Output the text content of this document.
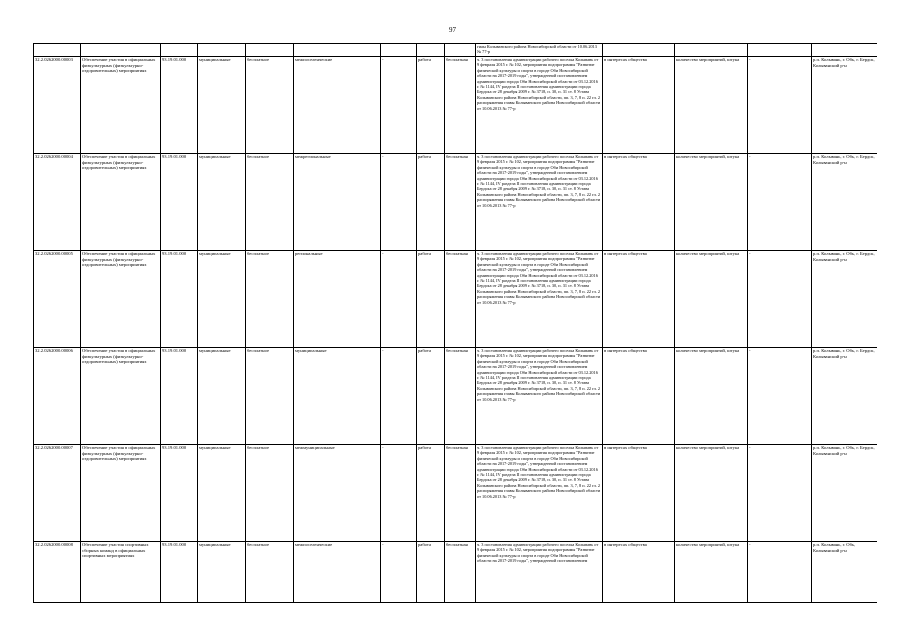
97
									гиаы Колыванского района Новосибирской области от 10.06.2013 № 77-р				
32.2.0262000.00003	Обеспечение участия в официальных физкультурных (физкультурно-оздоровительных) мероприятиях	93.19.01.000	муниципальные	бесплатное	межпоселенческие	-	работа	бесплатная	ч. 3 постановления администрации рабочего поселка Колывань от 9 февраля 2015 г. № 102, мероприятия подпрограммы "Развитие физической культуры и спорта в городе Оби Новосибирской области на 2017-2019 годы", утвержденной постановлением администрации города Оби Новосибирской области от 03.12.2016 г. № 1144, IV раздела II постановления администрации города Бердска от 28 декабря 2009 г. № 3718, п. 30, п. 31 ст. 8 Устава Колыванского района Новосибирской области, пп. 3, 7, 8 п. 22 гл. 2 распоряжения главы Колыванского района Новосибирской области от 10.06.2013 № 77-р	в интересах общества	количество мероприятий, штука	-	р.п. Колывань, г. Обь, г. Бердск, Колыванский р-н
32.2.0262000.00004	Обеспечение участия в официальных физкультурных (физкультурно-оздоровительных) мероприятиях	93.19.01.000	муниципальные	бесплатное	межрегиональные	-	работа	бесплатная	ч. 3 постановления администрации рабочего поселка Колывань от 9 февраля 2015 г. № 102, мероприятия подпрограммы "Развитие физической культуры и спорта в городе Оби Новосибирской области на 2017-2019 годы", утвержденной постановлением администрации города Оби Новосибирской области от 03.12.2016 г. № 1144, IV раздела II постановления администрации города Бердска от 28 декабря 2009 г. № 3718, п. 30, п. 31 ст. 8 Устава Колыванского района Новосибирской области, пп. 3, 7, 8 п. 22 гл. 2 распоряжения главы Колыванского района Новосибирской области от 10.06.2013 № 77-р	в интересах общества	количество мероприятий, штука	-	р.п. Колывань, г. Обь, г. Бердск, Колыванский р-н
32.2.0262000.00005	Обеспечение участия в официальных физкультурных (физкультурно-оздоровительных) мероприятиях	93.19.01.000	муниципальные	бесплатное	региональные	-	работа	бесплатная	ч. 3 постановления администрации рабочего поселка Колывань от 9 февраля 2015 г. № 102, мероприятия подпрограммы "Развитие физической культуры и спорта в городе Оби Новосибирской области на 2017-2019 годы", утвержденной постановлением администрации города Оби Новосибирской области от 03.12.2016 г. № 1144, IV раздела II постановления администрации города Бердска от 28 декабря 2009 г. № 3718, п. 30, п. 31 ст. 8 Устава Колыванского района Новосибирской области, пп. 3, 7, 8 п. 22 гл. 2 распоряжения главы Колыванского района Новосибирской области от 10.06.2013 № 77-р	в интересах общества	количество мероприятий, штука	-	р.п. Колывань, г. Обь, г. Бердск, Колыванский р-н
32.2.0262000.00006	Обеспечение участия в официальных физкультурных (физкультурно-оздоровительных) мероприятиях	93.19.01.000	муниципальные	бесплатное	муниципальные	-	работа	бесплатная	ч. 3 постановления администрации рабочего поселка Колывань от 9 февраля 2015 г. № 102, мероприятия подпрограммы "Развитие физической культуры и спорта в городе Оби Новосибирской области на 2017-2019 годы", утвержденной постановлением администрации города Оби Новосибирской области от 03.12.2016 г. № 1144, IV раздела II постановления администрации города Бердска от 28 декабря 2009 г. № 3718, п. 30, п. 31 ст. 8 Устава Колыванского района Новосибирской области, пп. 3, 7, 8 п. 22 гл. 2 распоряжения главы Колыванского района Новосибирской области от 10.06.2013 № 77-р	в интересах общества	количество мероприятий, штука	-	р.п. Колывань, г. Обь, г. Бердск, Колыванский р-н
32.2.0262000.00007	Обеспечение участия в официальных физкультурных (физкультурно-оздоровительных) мероприятиях	93.19.01.000	муниципальные	бесплатное	межмуниципальные	-	работа	бесплатная	ч. 3 постановления администрации рабочего поселка Колывань от 9 февраля 2015 г. № 102, мероприятия подпрограммы "Развитие физической культуры и спорта в городе Оби Новосибирской области на 2017-2019 годы", утвержденной постановлением администрации города Оби Новосибирской области от 03.12.2016 г. № 1144, IV раздела II постановления администрации города Бердска от 28 декабря 2009 г. № 3718, п. 30, п. 31 ст. 8 Устава Колыванского района Новосибирской области, пп. 3, 7, 8 п. 22 гл. 2 распоряжения главы Колыванского района Новосибирской области от 10.06.2013 № 77-р	в интересах общества	количество мероприятий, штука	-	р.п. Колывань, г. Обь, г. Бердск, Колыванский р-н
32.2.0262000.00008	Обеспечение участия спортивных сборных команд в официальных спортивных мероприятиях	93.19.01.000	муниципальные	бесплатное	межпоселенческие	-	работа	бесплатная	ч. 3 постановления администрации рабочего поселка Колывань от 9 февраля 2015 г. № 102, мероприятия подпрограммы "Развитие физической культуры и спорта в городе Оби Новосибирской области на 2017-2019 годы", утвержденной постановлением	в интересах общества	количество мероприятий, штука	-	р.п. Колывань, г. Обь, Колыванский р-н
